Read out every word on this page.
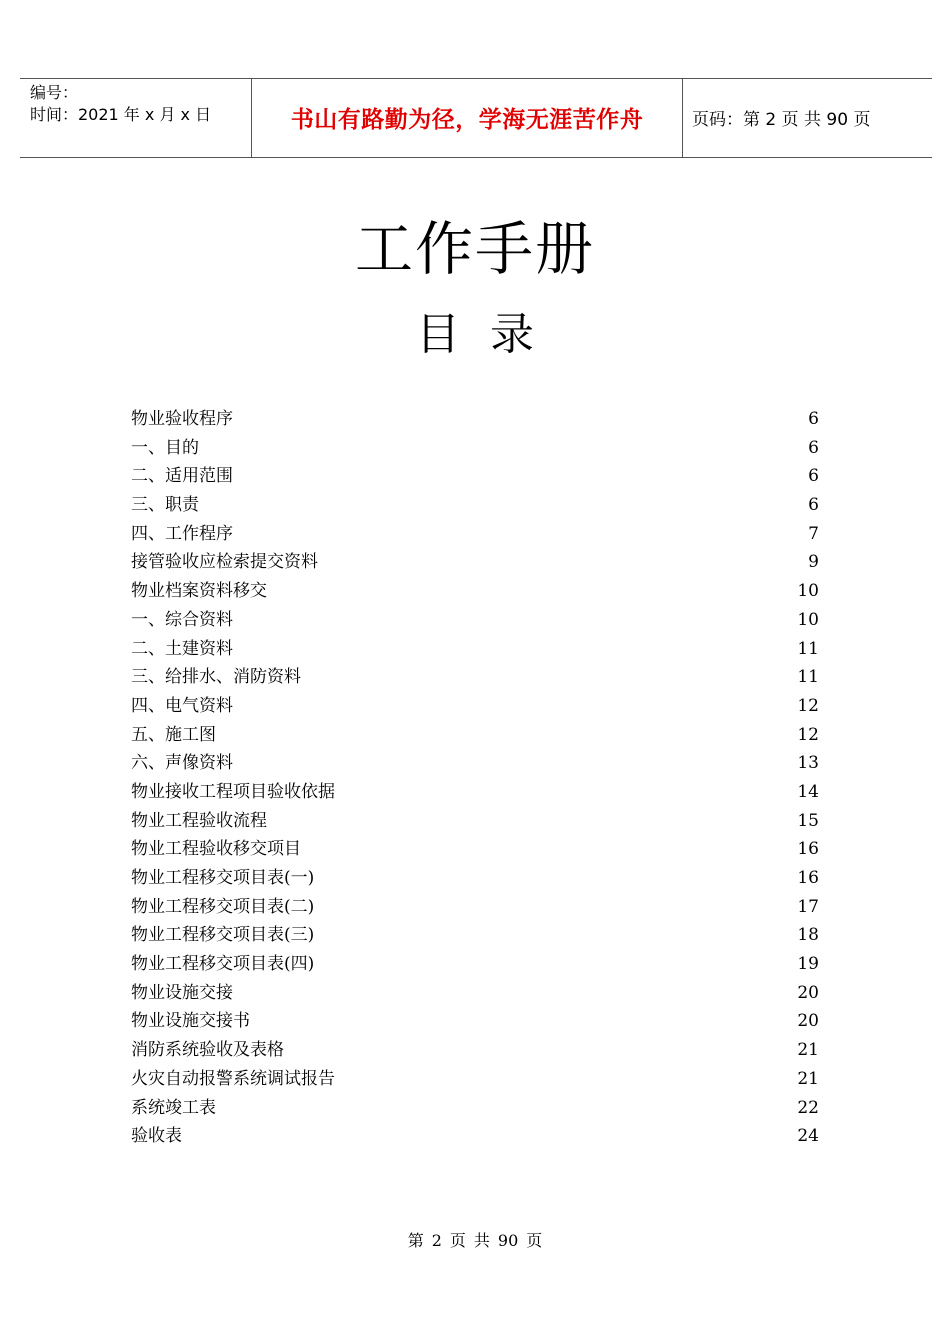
编号：
时间：2021 年 x 月 x 日	书山有路勤为径，学海无涯苦作舟	页码：第 2 页 共 90 页
工作手册
目录
物业验收程序	6
一、目的	6
二、适用范围	6
三、职责	6
四、工作程序	7
接管验收应检索提交资料	9
物业档案资料移交	10
一、综合资料	10
二、土建资料	11
三、给排水、消防资料	11
四、电气资料	12
五、施工图	12
六、声像资料	13
物业接收工程项目验收依据	14
物业工程验收流程	15
物业工程验收移交项目	16
物业工程移交项目表(一)	16
物业工程移交项目表(二)	17
物业工程移交项目表(三)	18
物业工程移交项目表(四)	19
物业设施交接	20
物业设施交接书	20
消防系统验收及表格	21
火灾自动报警系统调试报告	21
系统竣工表	22
验收表	24
第 2 页 共 90 页
